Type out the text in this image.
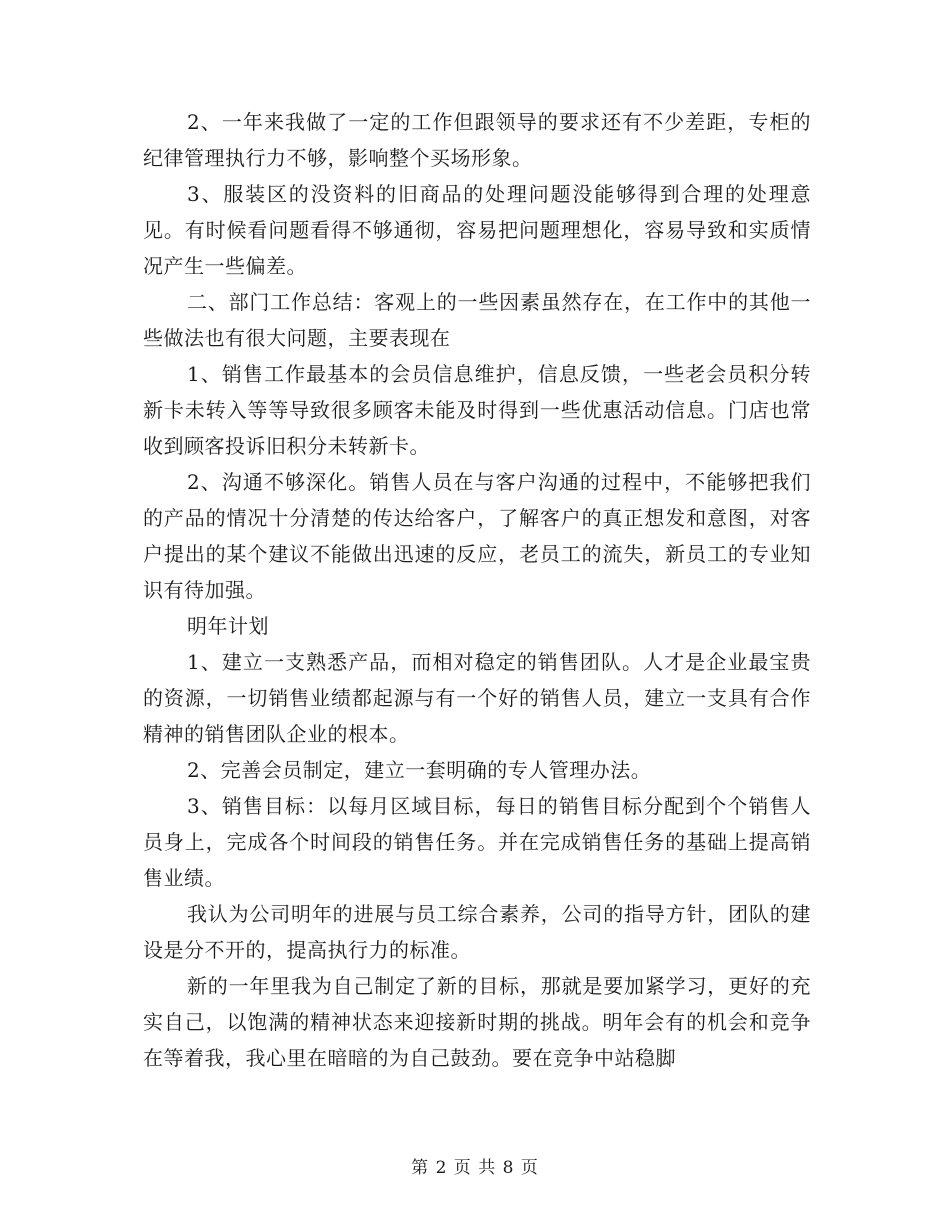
2、一年来我做了一定的工作但跟领导的要求还有不少差距，专柜的纪律管理执行力不够，影响整个买场形象。

3、服装区的没资料的旧商品的处理问题没能够得到合理的处理意见。有时候看问题看得不够通彻，容易把问题理想化，容易导致和实质情况产生一些偏差。

二、部门工作总结：客观上的一些因素虽然存在，在工作中的其他一些做法也有很大问题，主要表现在

1、销售工作最基本的会员信息维护，信息反馈，一些老会员积分转新卡未转入等等导致很多顾客未能及时得到一些优惠活动信息。门店也常收到顾客投诉旧积分未转新卡。

2、沟通不够深化。销售人员在与客户沟通的过程中，不能够把我们的产品的情况十分清楚的传达给客户，了解客户的真正想发和意图，对客户提出的某个建议不能做出迅速的反应，老员工的流失，新员工的专业知识有待加强。

明年计划

1、建立一支熟悉产品，而相对稳定的销售团队。人才是企业最宝贵的资源，一切销售业绩都起源与有一个好的销售人员，建立一支具有合作精神的销售团队企业的根本。

2、完善会员制定，建立一套明确的专人管理办法。

3、销售目标：以每月区域目标，每日的销售目标分配到个个销售人员身上，完成各个时间段的销售任务。并在完成销售任务的基础上提高销售业绩。

我认为公司明年的进展与员工综合素养，公司的指导方针，团队的建设是分不开的，提高执行力的标准。

新的一年里我为自己制定了新的目标，那就是要加紧学习，更好的充实自己，以饱满的精神状态来迎接新时期的挑战。明年会有的机会和竞争在等着我，我心里在暗暗的为自己鼓劲。要在竞争中站稳脚

第 2 页 共 8 页
